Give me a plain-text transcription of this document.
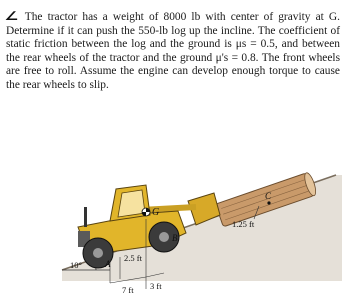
∠ The tractor has a weight of 8000 lb with center of gravity at G. Determine if it can push the 550-lb log up the incline. The coefficient of static friction between the log and the ground is μs = 0.5, and between the rear wheels of the tractor and the ground μ's = 0.8. The front wheels are free to roll. Assume the engine can develop enough torque to cause the rear wheels to slip.

G
A
B
C
10°
2.5 ft
7 ft 3 ft
1.25 ft
